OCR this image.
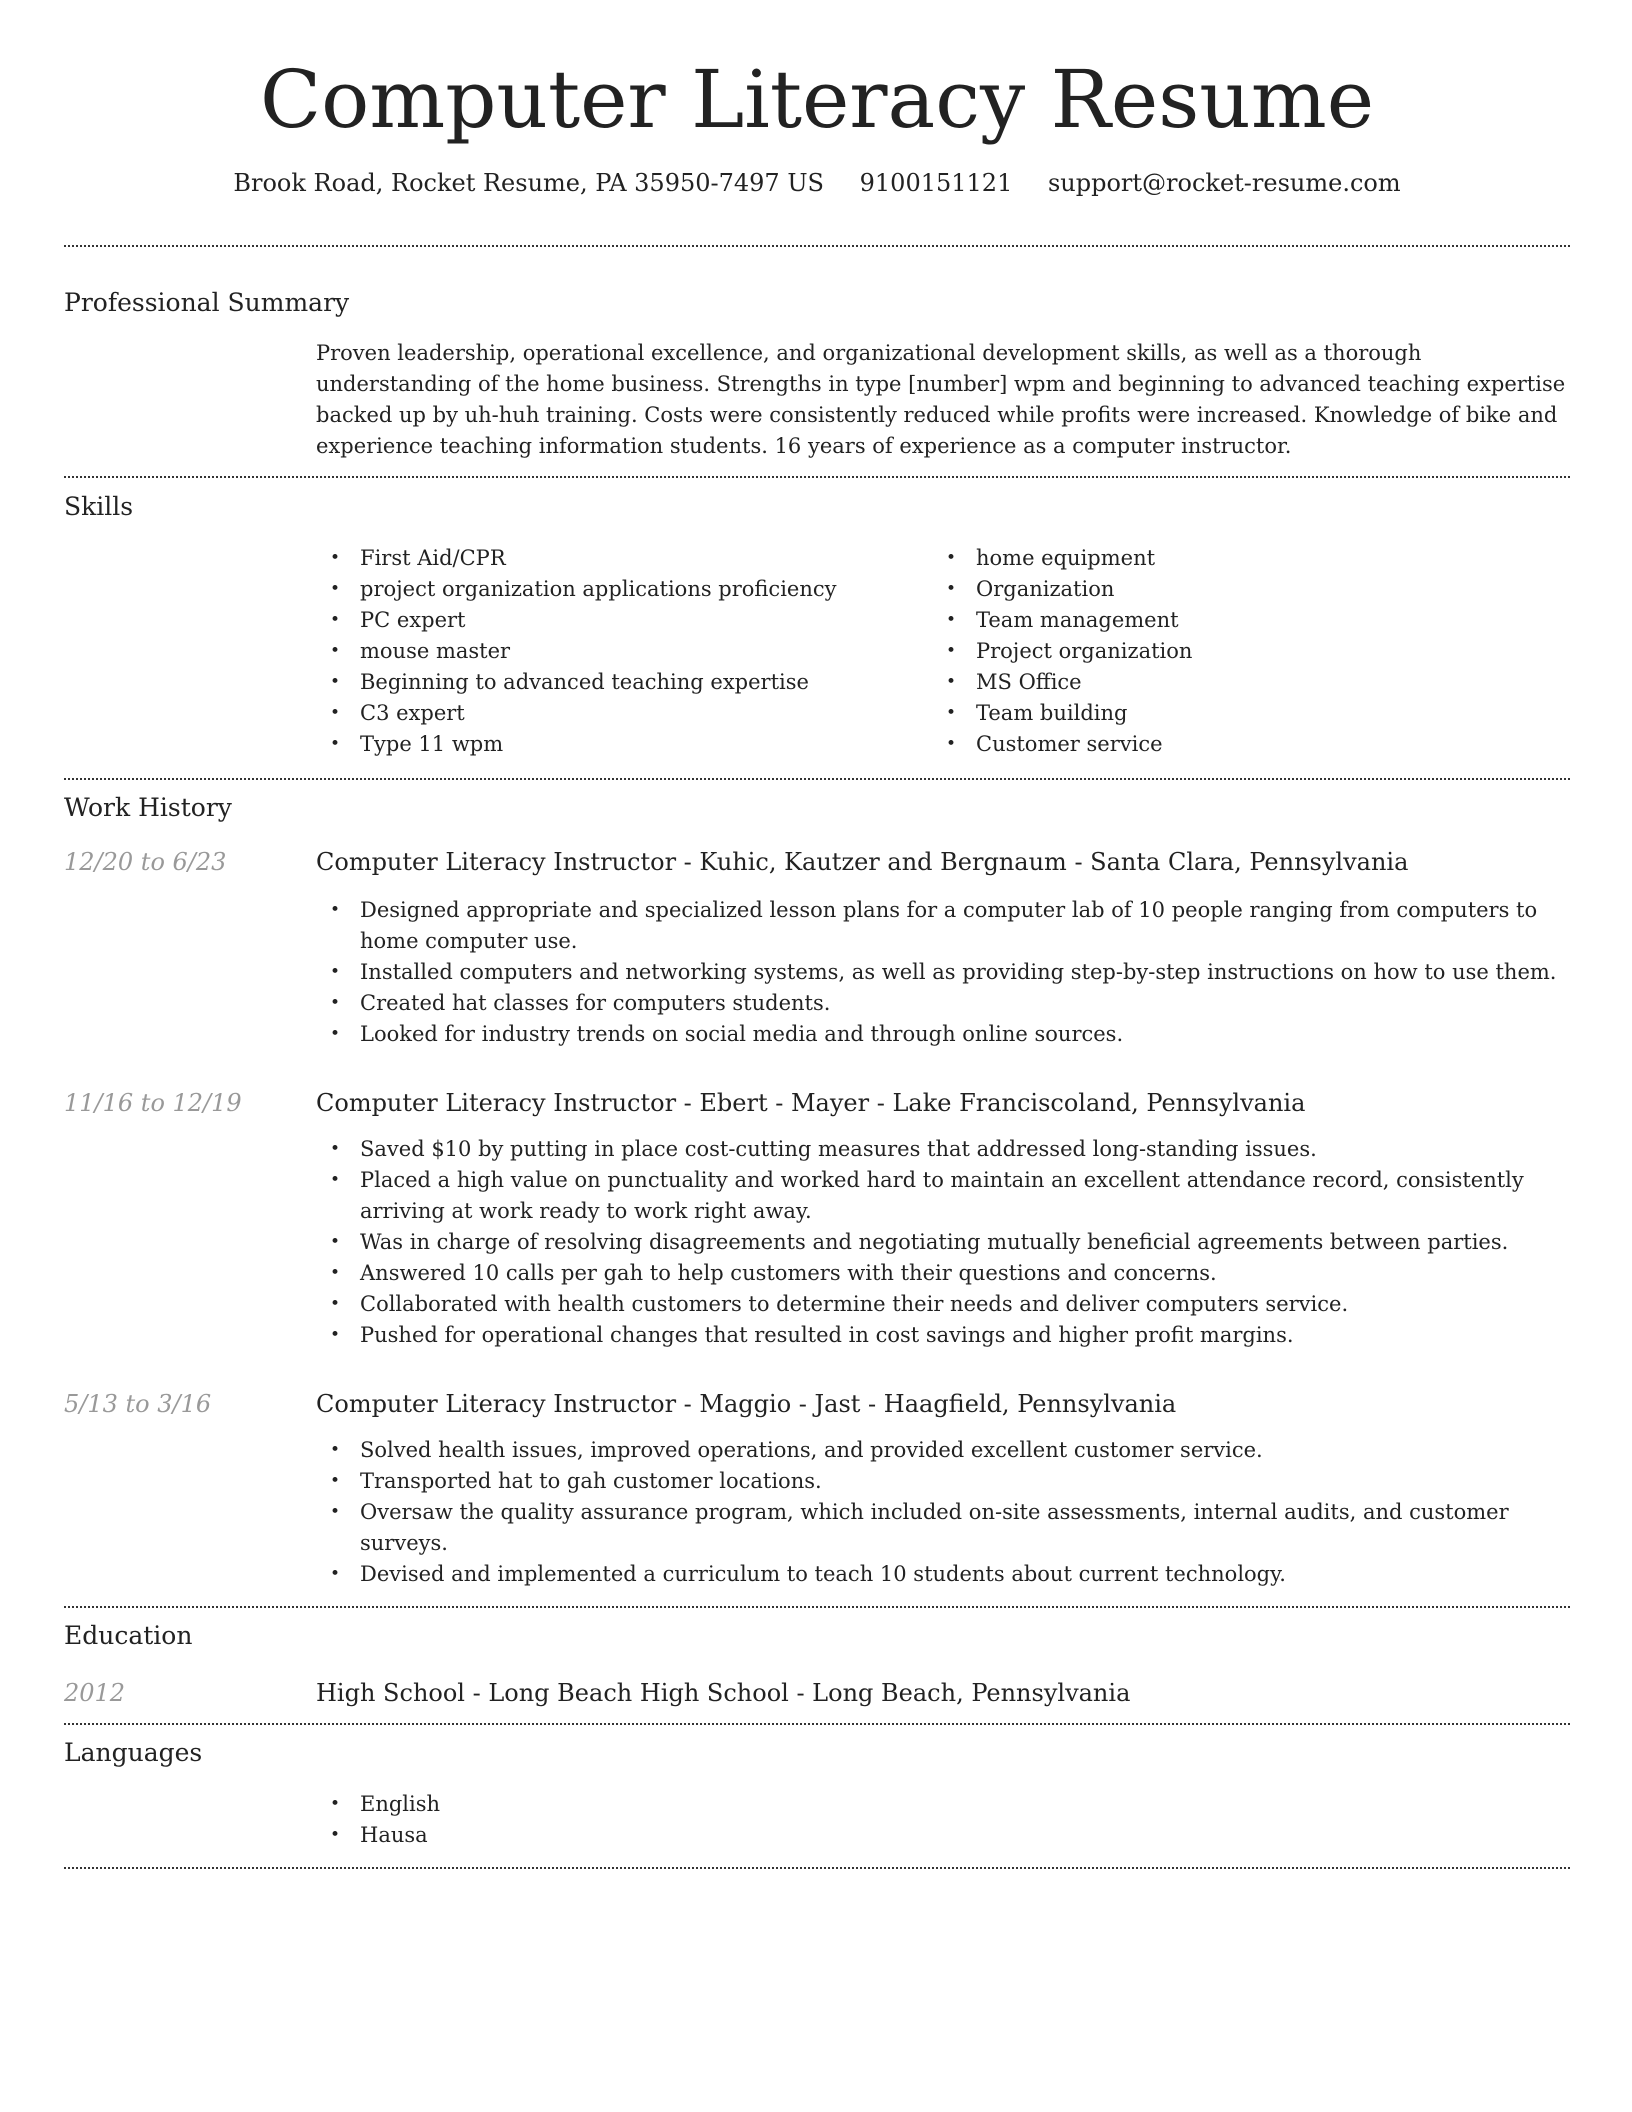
Computer Literacy Resume
Brook Road, Rocket Resume, PA 35950-7497 US 9100151121 support@rocket-resume.com
Professional Summary
Proven leadership, operational excellence, and organizational development skills, as well as a thorough understanding of the home business. Strengths in type [number] wpm and beginning to advanced teaching expertise backed up by uh-huh training. Costs were consistently reduced while profits were increased. Knowledge of bike and experience teaching information students. 16 years of experience as a computer instructor.
Skills
• First Aid/CPR
• project organization applications proficiency
• PC expert
• mouse master
• Beginning to advanced teaching expertise
• C3 expert
• Type 11 wpm
• home equipment
• Organization
• Team management
• Project organization
• MS Office
• Team building
• Customer service
Work History
12/20 to 6/23	Computer Literacy Instructor - Kuhic, Kautzer and Bergnaum - Santa Clara, Pennsylvania
• Designed appropriate and specialized lesson plans for a computer lab of 10 people ranging from computers to home computer use.
• Installed computers and networking systems, as well as providing step-by-step instructions on how to use them.
• Created hat classes for computers students.
• Looked for industry trends on social media and through online sources.
11/16 to 12/19	Computer Literacy Instructor - Ebert - Mayer - Lake Franciscoland, Pennsylvania
• Saved $10 by putting in place cost-cutting measures that addressed long-standing issues.
• Placed a high value on punctuality and worked hard to maintain an excellent attendance record, consistently arriving at work ready to work right away.
• Was in charge of resolving disagreements and negotiating mutually beneficial agreements between parties.
• Answered 10 calls per gah to help customers with their questions and concerns.
• Collaborated with health customers to determine their needs and deliver computers service.
• Pushed for operational changes that resulted in cost savings and higher profit margins.
5/13 to 3/16	Computer Literacy Instructor - Maggio - Jast - Haagfield, Pennsylvania
• Solved health issues, improved operations, and provided excellent customer service.
• Transported hat to gah customer locations.
• Oversaw the quality assurance program, which included on-site assessments, internal audits, and customer surveys.
• Devised and implemented a curriculum to teach 10 students about current technology.
Education
2012	High School - Long Beach High School - Long Beach, Pennsylvania
Languages
• English
• Hausa
